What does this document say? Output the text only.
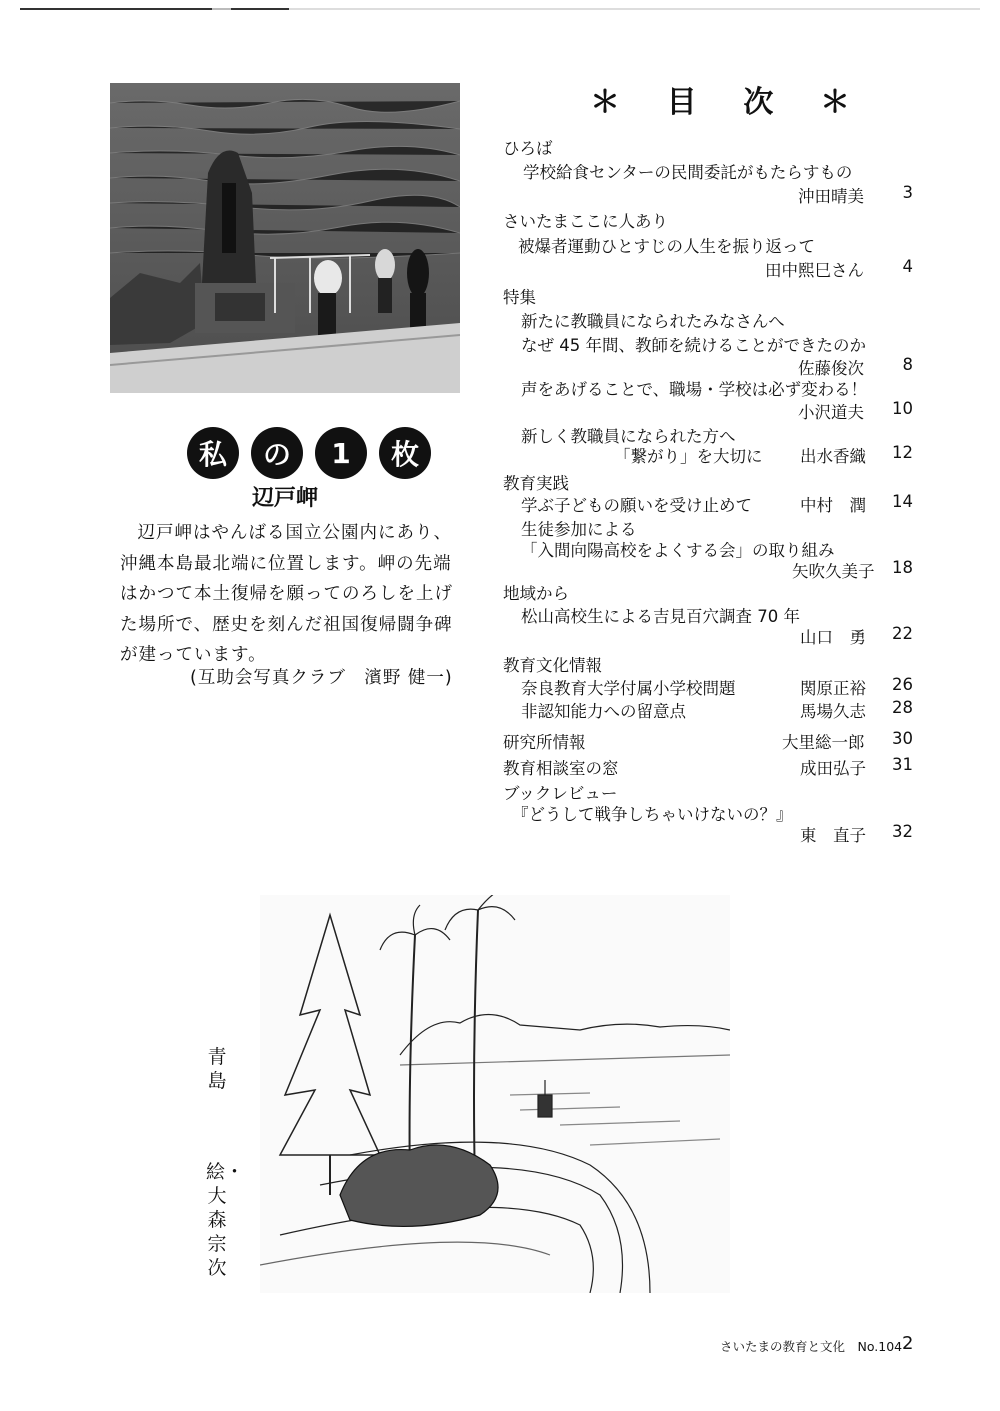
私	の	1	枚
辺戸岬

辺戸岬はやんばる国立公園内にあり、沖縄本島最北端に位置します。岬の先端はかつて本土復帰を願ってのろしを上げた場所で、歴史を刻んだ祖国復帰闘争碑が建っています。

(互助会写真クラブ　濱野 健一)
＊ 目 次 ＊
ひろば
学校給食センターの民間委託がもたらすもの
沖田晴美	3
さいたまここに人あり
被爆者運動ひとすじの人生を振り返って
田中熙巳さん	4
特集
新たに教職員になられたみなさんへ
なぜ 45 年間、教師を続けることができたのか
佐藤俊次	8
声をあげることで、職場・学校は必ず変わる！
小沢道夫	10
新しく教職員になられた方へ
「繋がり」を大切に 出水香織	12
教育実践
学ぶ子どもの願いを受け止めて	中村　潤	14
生徒参加による
「入間向陽高校をよくする会」の取り組み
矢吹久美子	18
地域から
松山高校生による吉見百穴調査 70 年
山口　勇	22
教育文化情報
奈良教育大学付属小学校問題	関原正裕	26
非認知能力への留意点	馬場久志	28
研究所情報	大里総一郎	30
教育相談室の窓	成田弘子	31
ブックレビュー
『どうして戦争しちゃいけないの？』
東　直子	32
青島
絵・大森宗次
さいたまの教育と文化　No.104 2
